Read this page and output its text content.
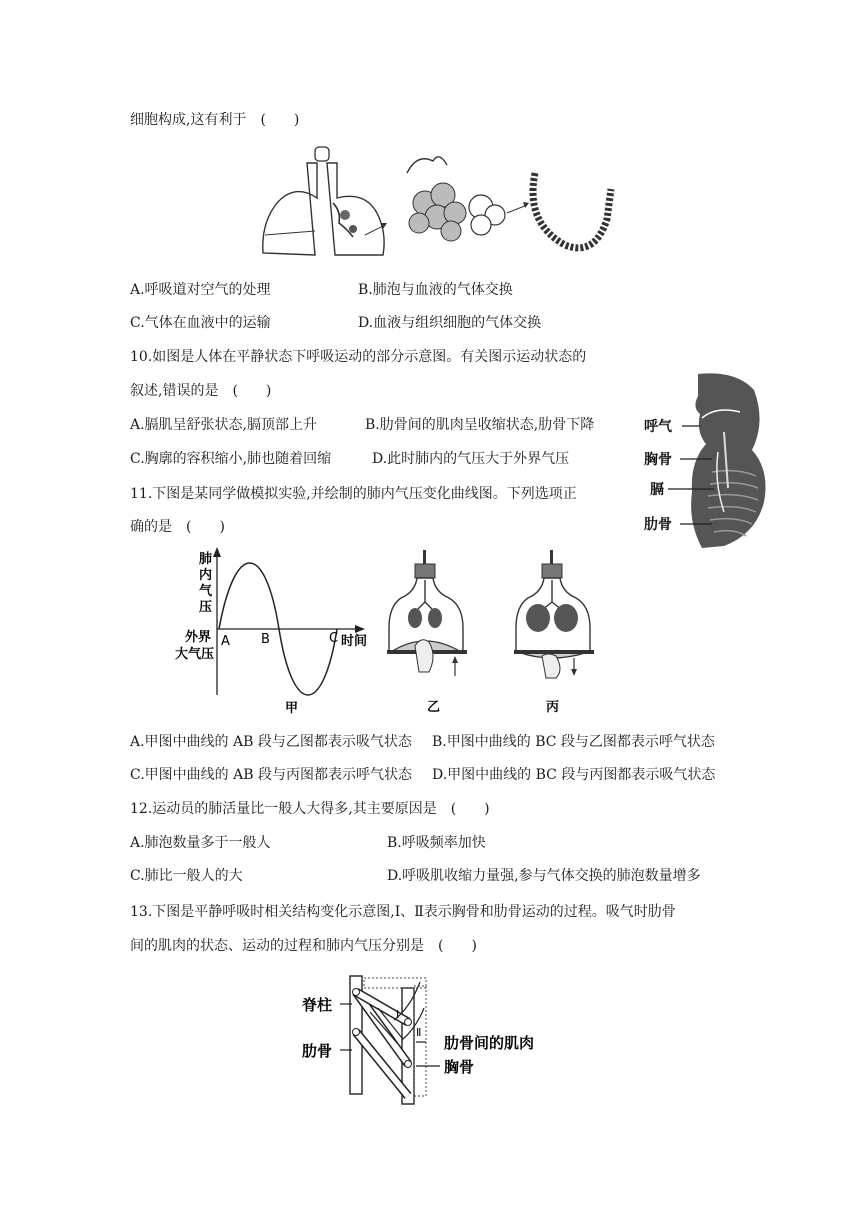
细胞构成,这有利于　(　　)
A.呼吸道对空气的处理	B.肺泡与血液的气体交换
C.气体在血液中的运输	D.血液与组织细胞的气体交换
10.如图是人体在平静状态下呼吸运动的部分示意图。有关图示运动状态的
叙述,错误的是　(　　)
A.膈肌呈舒张状态,膈顶部上升	B.肋骨间的肌肉呈收缩状态,肋骨下降
C.胸廓的容积缩小,肺也随着回缩	D.此时肺内的气压大于外界气压
呼气
胸骨
膈
肋骨
11.下图是某同学做模拟实验,并绘制的肺内气压变化曲线图。下列选项正
确的是　(　　)
肺
内
气
压
外界
大气压
A B	C 时间
甲	乙	丙
A.甲图中曲线的 AB 段与乙图都表示吸气状态 B.甲图中曲线的 BC 段与乙图都表示呼气状态
C.甲图中曲线的 AB 段与丙图都表示呼气状态 D.甲图中曲线的 BC 段与丙图都表示吸气状态
12.运动员的肺活量比一般人大得多,其主要原因是　(　　)
A.肺泡数量多于一般人	B.呼吸频率加快
C.肺比一般人的大	D.呼吸肌收缩力量强,参与气体交换的肺泡数量增多
13.下图是平静呼吸时相关结构变化示意图,Ⅰ、Ⅱ表示胸骨和肋骨运动的过程。吸气时肋骨
间的肌肉的状态、运动的过程和肺内气压分别是　(　　)
脊柱
肋骨	肋骨间的肌肉
胸骨
Ⅰ
Ⅱ
